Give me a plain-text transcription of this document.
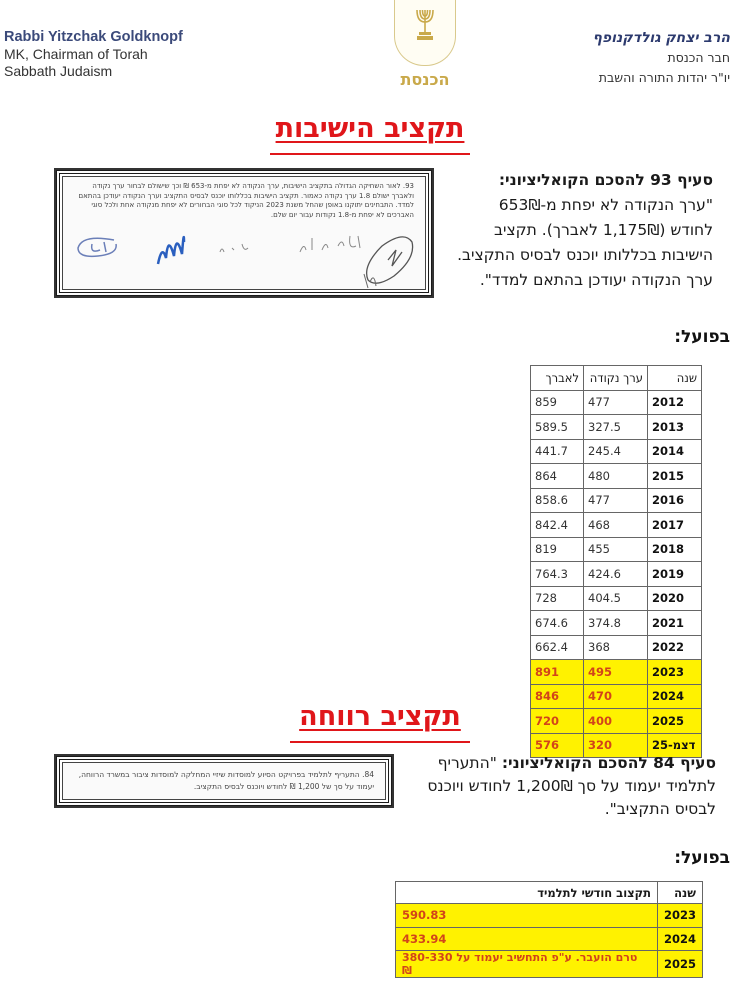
Rabbi Yitzchak Goldknopf
MK, Chairman of Torah
Sabbath Judaism	הכנסת
הרב יצחק גולדקנופף
חבר הכנסת
יו"ר יהדות התורה והשבת
תקציב הישיבות
93. לאור השחיקה הגדולה בתקציב הישיבות, ערך הנקודה לא יפחת מ-653 ₪ וכך שישולם לבחור ערך נקודה ולאברך ישולם 1.8 ערך נקודה כאמור. תקציב הישיבות בכללותו יוכנס לבסיס התקציב וערך הנקודה יעודכן בהתאם למדד. התבחינים יתוקנו באופן שהחל משנת 2023 הניקוד לכל סוגי הבחורים לא יפחת מנקודה אחת ולכל סוגי האברכים לא יפחת מ-1.8 נקודות עבור יום שלם.
סעיף 93 להסכם הקואליציוני:
"ערך הנקודה לא יפחת מ-653₪ לחודש (1,175₪ לאברך). תקציב הישיבות בכללותו יוכנס לבסיס התקציב. ערך הנקודה יעודכן בהתאם למדד".
בפועל:
שנה	ערך נקודה	לאברך
2012	477	859
2013	327.5	589.5
2014	245.4	441.7
2015	480	864
2016	477	858.6
2017	468	842.4
2018	455	819
2019	424.6	764.3
2020	404.5	728
2021	374.8	674.6
2022	368	662.4
2023	495	891
2024	470	846
2025	400	720
דצמ-25	320	576
תקציב רווחה
84. התעריף לתלמיד בפרויקט הסיוע למוסדות שיזיי המחלקה למוסדות ציבור במשרד הרווחה, יעמוד על סך של 1,200 ₪ לחודש ויוכנס לבסיס התקציב.
סעיף 84 להסכם הקואליציוני: "התעריף לתלמיד יעמוד על סך 1,200₪ לחודש ויוכנס לבסיס התקציב".
בפועל:
שנה	תקצוב חודשי לתלמיד
2023	590.83
2024	433.94
2025	טרם הועבר. ע"פ התחשיב יעמוד על 380-330 ₪
